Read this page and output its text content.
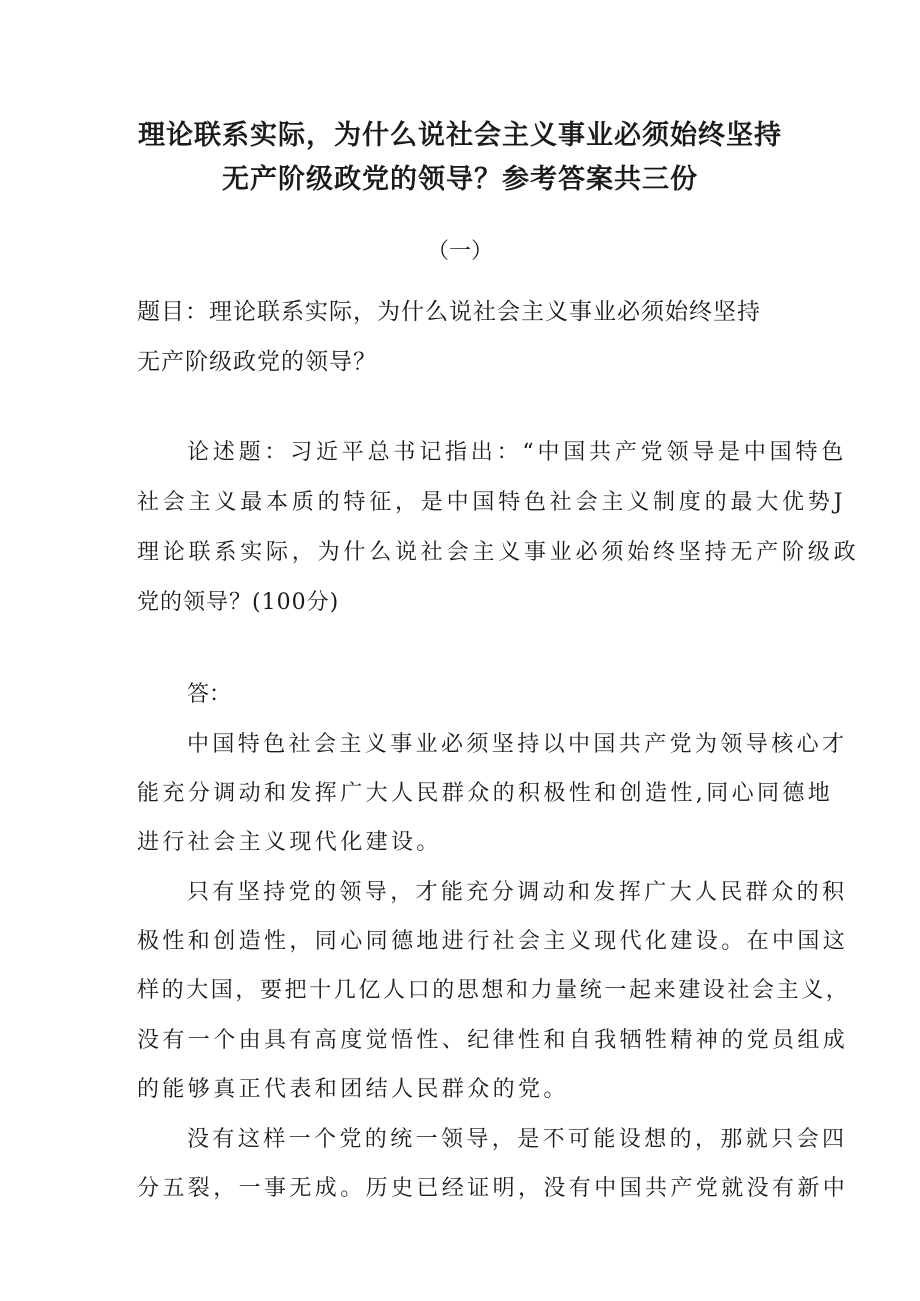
理论联系实际，为什么说社会主义事业必须始终坚持
无产阶级政党的领导？参考答案共三份
（一）

题目：理论联系实际，为什么说社会主义事业必须始终坚持

无产阶级政党的领导？

论述题：习近平总书记指出：“中国共产党领导是中国特色

社会主义最本质的特征，是中国特色社会主义制度的最大优势J

理论联系实际，为什么说社会主义事业必须始终坚持无产阶级政

党的领导？(100分)

答：

中国特色社会主义事业必须坚持以中国共产党为领导核心才

能充分调动和发挥广大人民群众的积极性和创造性,同心同德地

进行社会主义现代化建设。

只有坚持党的领导，才能充分调动和发挥广大人民群众的积

极性和创造性，同心同德地进行社会主义现代化建设。在中国这

样的大国，要把十几亿人口的思想和力量统一起来建设社会主义，

没有一个由具有高度觉悟性、纪律性和自我牺牲精神的党员组成

的能够真正代表和团结人民群众的党。

没有这样一个党的统一领导，是不可能设想的，那就只会四

分五裂，一事无成。历史已经证明，没有中国共产党就没有新中
